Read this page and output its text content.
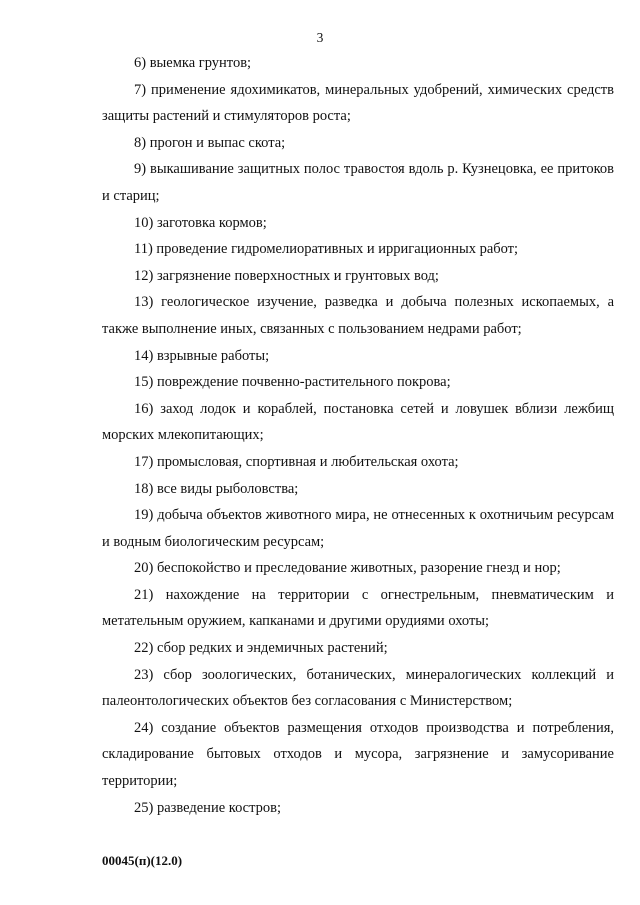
3

6) выемка грунтов;

7) применение ядохимикатов, минеральных удобрений, химических средств защиты растений и стимуляторов роста;

8) прогон и выпас скота;

9) выкашивание защитных полос травостоя вдоль р. Кузнецовка, ее притоков и стариц;

10) заготовка кормов;

11) проведение гидромелиоративных и ирригационных работ;

12) загрязнение поверхностных и грунтовых вод;

13) геологическое изучение, разведка и добыча полезных ископаемых, а также выполнение иных, связанных с пользованием недрами работ;

14) взрывные работы;

15) повреждение почвенно-растительного покрова;

16) заход лодок и кораблей, постановка сетей и ловушек вблизи лежбищ морских млекопитающих;

17) промысловая, спортивная и любительская охота;

18) все виды рыболовства;

19) добыча объектов животного мира, не отнесенных к охотничьим ресурсам и водным биологическим ресурсам;

20) беспокойство и преследование животных, разорение гнезд и нор;

21) нахождение на территории с огнестрельным, пневматическим и метательным оружием, капканами и другими орудиями охоты;

22) сбор редких и эндемичных растений;

23) сбор зоологических, ботанических, минералогических коллекций и палеонтологических объектов без согласования с Министерством;

24) создание объектов размещения отходов производства и потребления, складирование бытовых отходов и мусора, загрязнение и замусоривание территории;

25) разведение костров;

00045(п)(12.0)
